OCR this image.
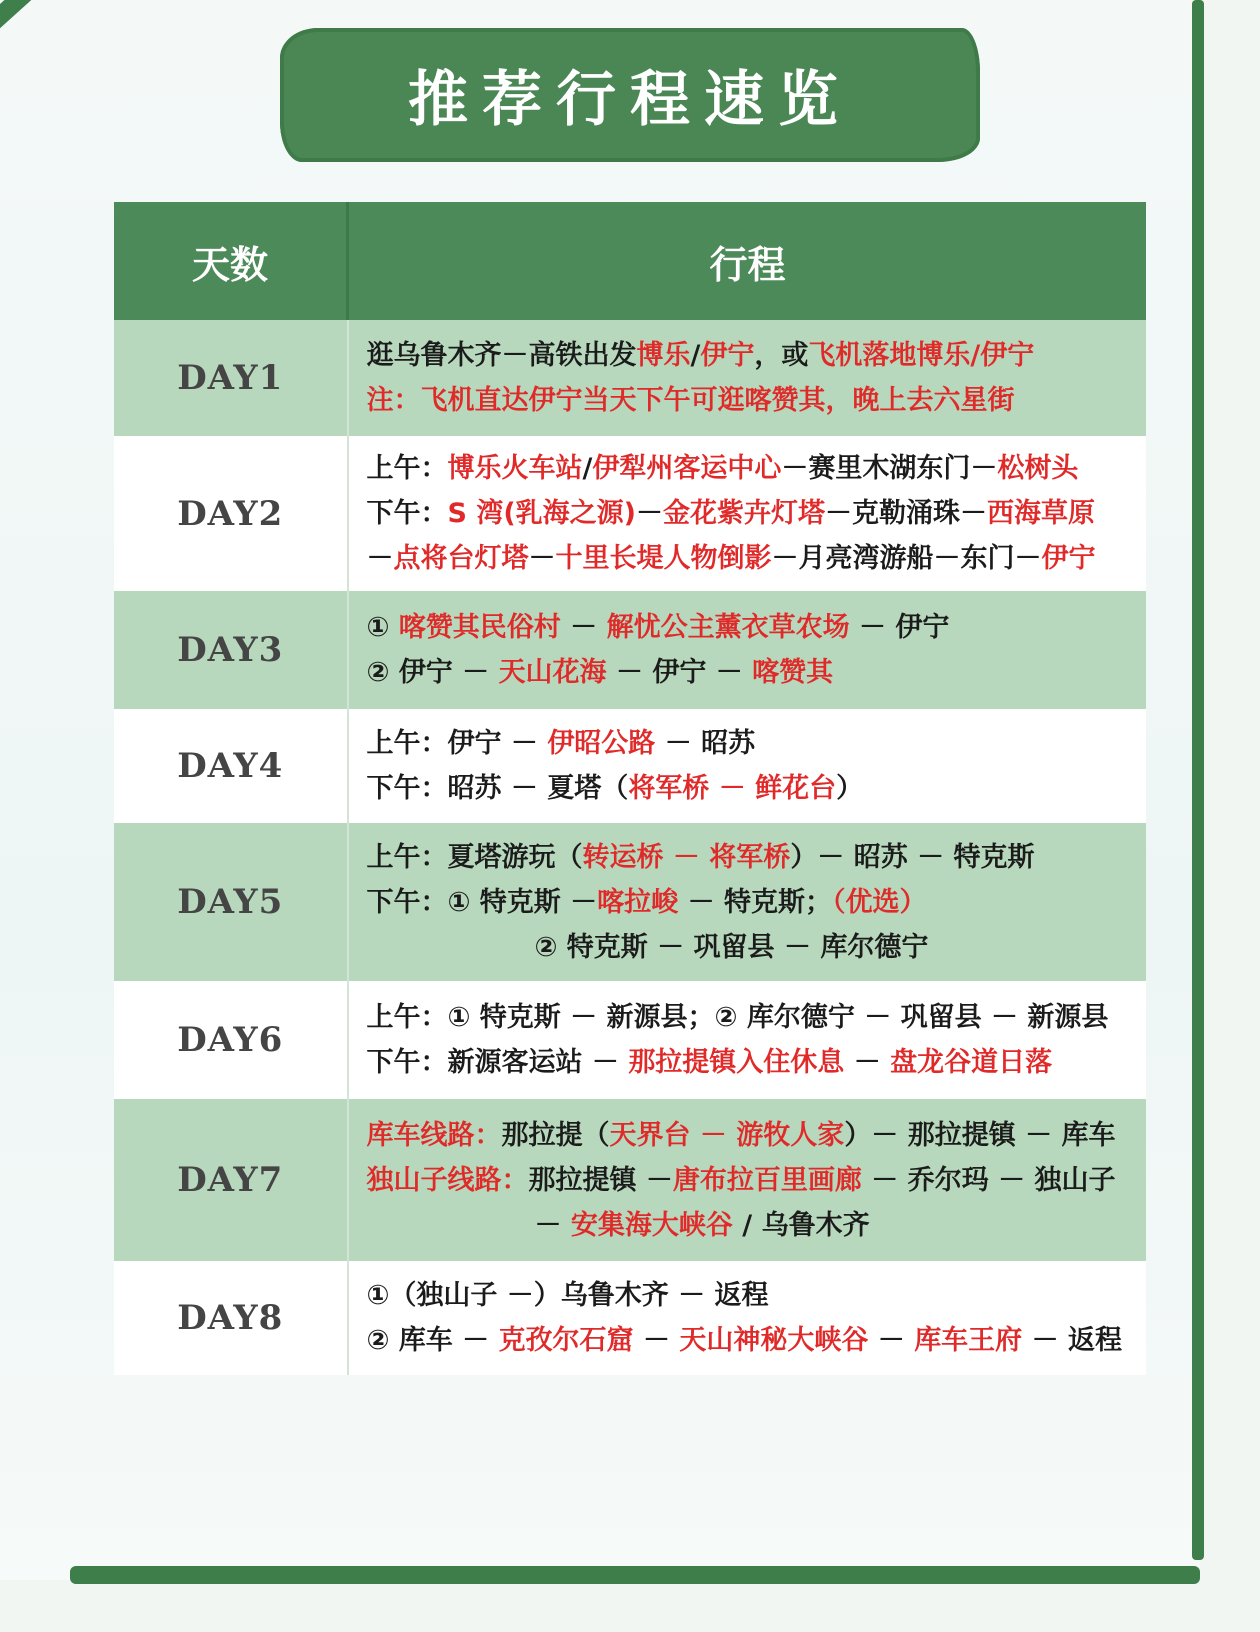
推荐行程速览
天数	行程
DAY1	逛乌鲁木齐－高铁出发博乐/伊宁，或飞机落地博乐/伊宁
注：飞机直达伊宁当天下午可逛喀赞其，晚上去六星街

DAY2	上午：博乐火车站/伊犁州客运中心－赛里木湖东门－松树头
下午：S 湾(乳海之源)－金花紫卉灯塔－克勒涌珠－西海草原
－点将台灯塔－十里长堤人物倒影－月亮湾游船－东门－伊宁

DAY3	① 喀赞其民俗村 － 解忧公主薰衣草农场 － 伊宁
② 伊宁 － 天山花海 － 伊宁 － 喀赞其

DAY4	上午：伊宁 － 伊昭公路 － 昭苏
下午：昭苏 － 夏塔（将军桥 － 鲜花台）

DAY5	上午：夏塔游玩（转运桥 － 将军桥）－ 昭苏 － 特克斯
下午：① 特克斯 －喀拉峻 － 特克斯；（优选）
② 特克斯 － 巩留县 － 库尔德宁

DAY6	上午：① 特克斯 － 新源县；② 库尔德宁 － 巩留县 － 新源县
下午：新源客运站 － 那拉提镇入住休息 － 盘龙谷道日落

DAY7	库车线路：那拉提（天界台 － 游牧人家）－ 那拉提镇 － 库车
独山子线路：那拉提镇 －唐布拉百里画廊 － 乔尔玛 － 独山子
－ 安集海大峡谷 / 乌鲁木齐

DAY8	①（独山子 －）乌鲁木齐 － 返程
② 库车 － 克孜尔石窟 － 天山神秘大峡谷 － 库车王府 － 返程
